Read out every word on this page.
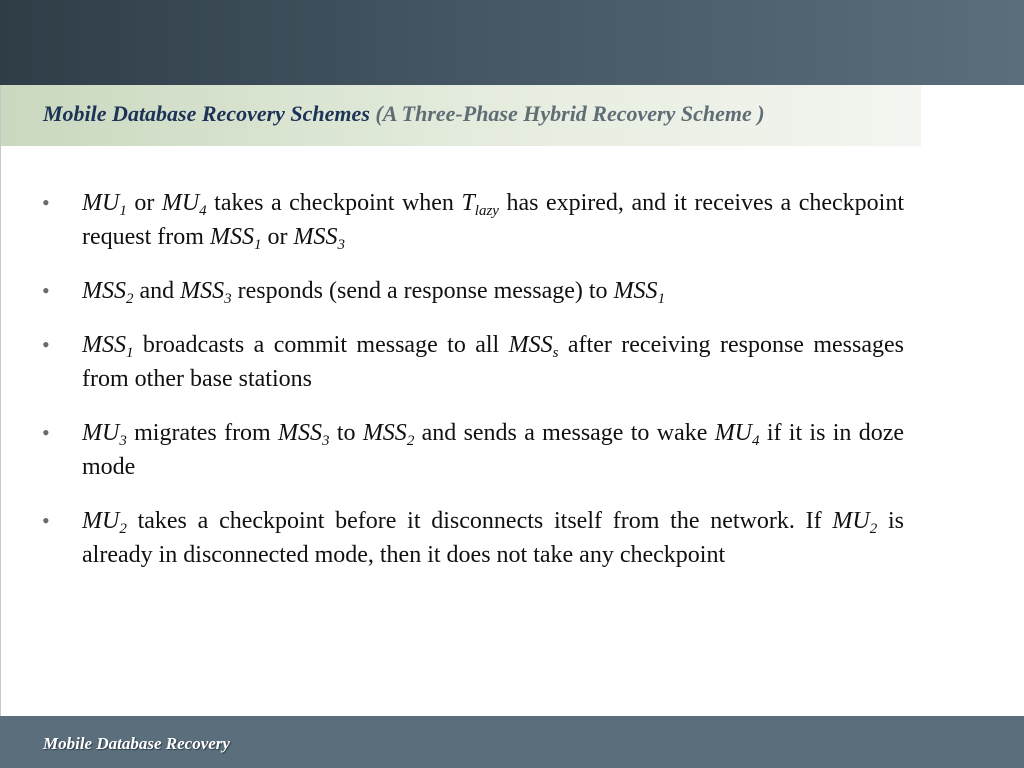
Mobile Database Recovery Schemes (A Three-Phase Hybrid Recovery Scheme )
• $MU_1$ or $MU_4$ takes a checkpoint when $T_{lazy}$ has expired, and it receives a checkpoint request from $MSS_1$ or $MSS_3$
• $MSS_2$ and $MSS_3$ responds (send a response message) to $MSS_1$
• $MSS_1$ broadcasts a commit message to all $MSS_s$ after receiving response messages from other base stations
• $MU_3$ migrates from $MSS_3$ to $MSS_2$ and sends a message to wake $MU_4$ if it is in doze mode
• $MU_2$ takes a checkpoint before it disconnects itself from the network. If $MU_2$ is already in disconnected mode, then it does not take any checkpoint
Mobile Database Recovery
